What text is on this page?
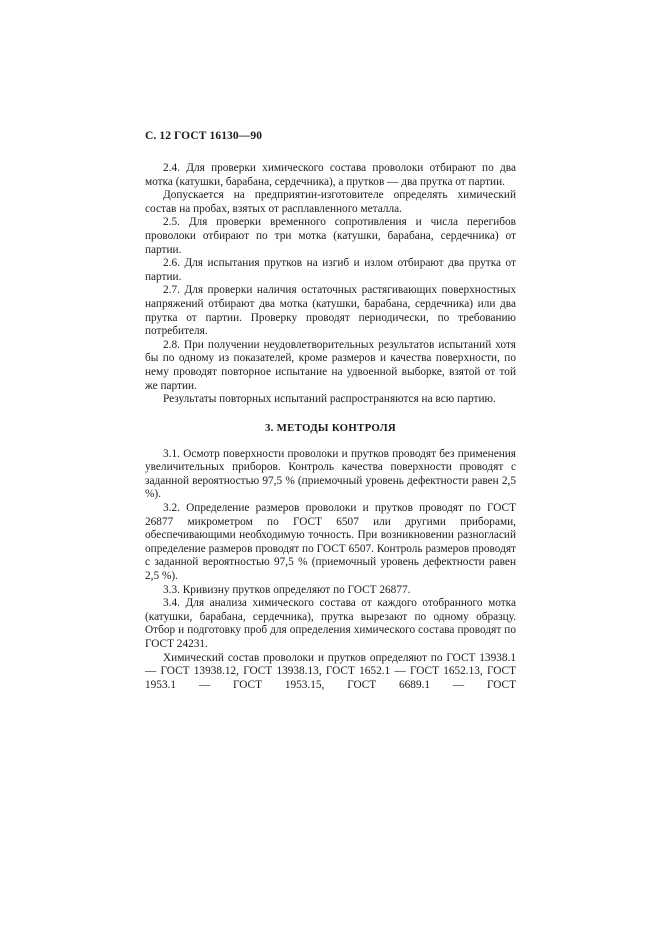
С. 12 ГОСТ 16130—90

2.4. Для проверки химического состава проволоки отбирают по два мотка (катушки, барабана, сердечника), а прутков — два прутка от партии.

Допускается на предприятии-изготовителе определять химический состав на пробах, взятых от расплавленного металла.

2.5. Для проверки временного сопротивления и числа перегибов проволоки отбирают по три мотка (катушки, барабана, сердечника) от партии.

2.6. Для испытания прутков на изгиб и излом отбирают два прутка от партии.

2.7. Для проверки наличия остаточных растягивающих поверхностных напряжений отбирают два мотка (катушки, барабана, сердечника) или два прутка от партии. Проверку проводят периодически, по требованию потребителя.

2.8. При получении неудовлетворительных результатов испытаний хотя бы по одному из показателей, кроме размеров и качества поверхности, по нему проводят повторное испытание на удвоенной выборке, взятой от той же партии.

Результаты повторных испытаний распространяются на всю партию.

3. МЕТОДЫ КОНТРОЛЯ

3.1. Осмотр поверхности проволоки и прутков проводят без применения увеличительных приборов. Контроль качества поверхности проводят с заданной вероятностью 97,5 % (приемочный уровень дефектности равен 2,5 %).

3.2. Определение размеров проволоки и прутков проводят по ГОСТ 26877 микрометром по ГОСТ 6507 или другими приборами, обеспечивающими необходимую точность. При возникновении разногласий определение размеров проводят по ГОСТ 6507. Контроль размеров проводят с заданной вероятностью 97,5 % (приемочный уровень дефектности равен 2,5 %).

3.3. Кривизну прутков определяют по ГОСТ 26877.

3.4. Для анализа химического состава от каждого отобранного мотка (катушки, барабана, сердечника), прутка вырезают по одному образцу. Отбор и подготовку проб для определения химического состава проводят по ГОСТ 24231.

Химический состав проволоки и прутков определяют по ГОСТ 13938.1 — ГОСТ 13938.12, ГОСТ 13938.13, ГОСТ 1652.1 — ГОСТ 1652.13, ГОСТ 1953.1 — ГОСТ 1953.15, ГОСТ 6689.1 — ГОСТ
